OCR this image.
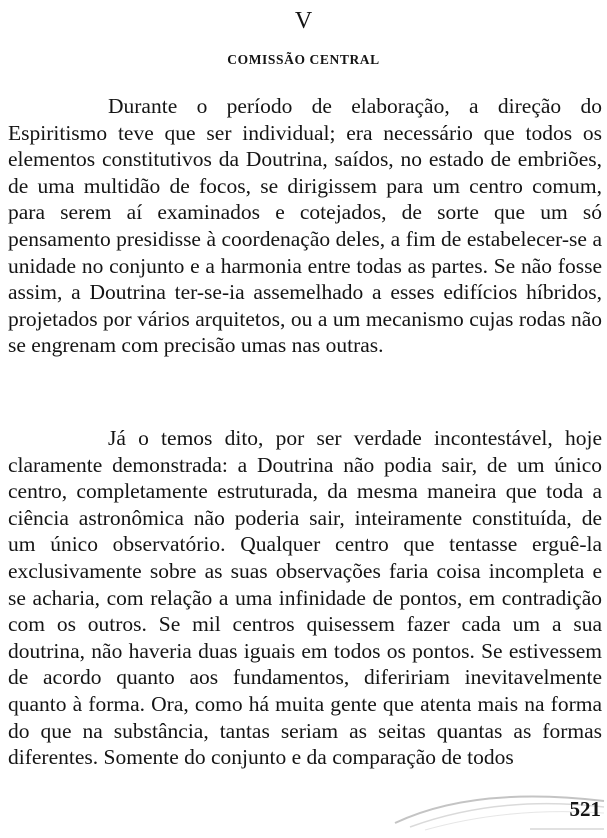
V
COMISSÃO CENTRAL

Durante o período de elaboração, a direção do Espiritismo teve que ser individual; era necessário que todos os elementos constitutivos da Doutrina, saídos, no estado de embriões, de uma multidão de focos, se dirigissem para um centro comum, para serem aí examinados e cotejados, de sorte que um só pensamento presidisse à coordenação deles, a fim de estabelecer-se a unidade no conjunto e a harmonia entre todas as partes. Se não fosse assim, a Doutrina ter-se-ia assemelhado a esses edifícios híbridos, projetados por vários arquitetos, ou a um mecanismo cujas rodas não se engrenam com precisão umas nas outras.

Já o temos dito, por ser verdade incontestável, hoje claramente demonstrada: a Doutrina não podia sair, de um único centro, completamente estruturada, da mesma maneira que toda a ciência astronômica não poderia sair, inteiramente constituída, de um único observatório. Qualquer centro que tentasse erguê-la exclusivamente sobre as suas observações faria coisa incompleta e se acharia, com relação a uma infinidade de pontos, em contradição com os outros. Se mil centros quisessem fazer cada um a sua doutrina, não haveria duas iguais em todos os pontos. Se estivessem de acordo quanto aos fundamentos, difeririam inevitavelmente quanto à forma. Ora, como há muita gente que atenta mais na forma do que na substância, tantas seriam as seitas quantas as formas diferentes. Somente do conjunto e da comparação de todos

521
